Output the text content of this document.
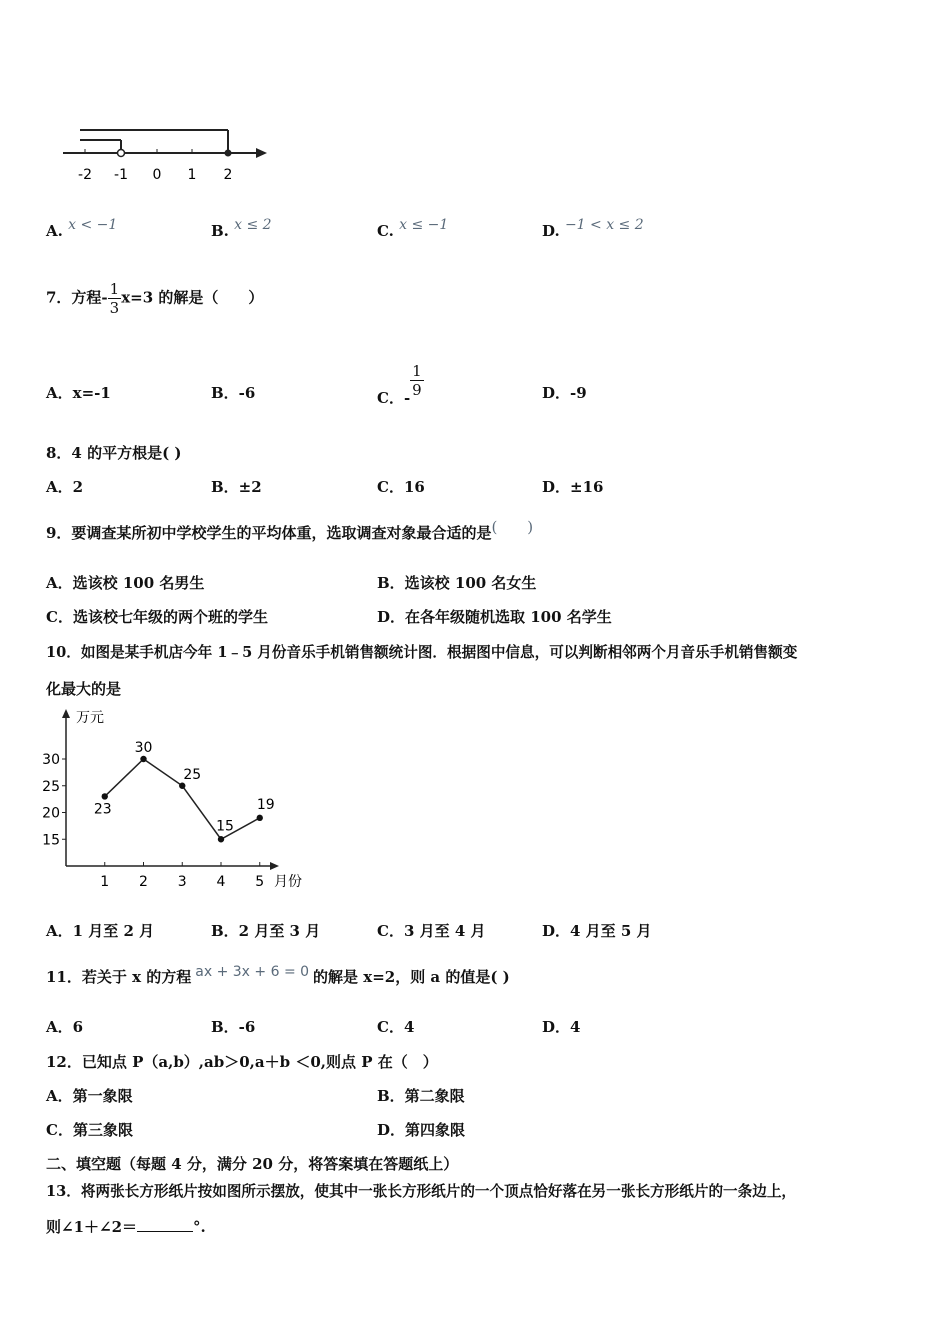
-2 -1 0 1 2
A. x < −1	B. x ≤ 2	C. x ≤ −1	D. −1 < x ≤ 2
7．方程- $\frac{1}{3} x=3$ 的解是（　　）
A．x=-1	B．-6	C．- $\frac{1}{9}$	D．-9
8．4 的平方根是( )
A．2	B．±2	C．16	D．±16
9．要调查某所初中学校学生的平均体重，选取调查对象最合适的是(　　)
A．选该校 100 名男生	B．选该校 100 名女生
C．选该校七年级的两个班的学生	D．在各年级随机选取 100 名学生
10．如图是某手机店今年 1﹣5 月份音乐手机销售额统计图．根据图中信息，可以判断相邻两个月音乐手机销售额变
化最大的是
万元
月份
15
20
25
30
1 2 3 4 5
23
30
25
15
19
A．1 月至 2 月	B．2 月至 3 月	C．3 月至 4 月	D．4 月至 5 月
11．若关于 x 的方程 ax + 3x + 6 = 0 的解是 x=2，则 a 的值是( )
A．6	B．-6	C．4	D．4
12．已知点 P（a,b）,ab＞0,a＋b ＜0,则点 P 在（　）
A．第一象限	B．第二象限
C．第三象限	D．第四象限
二、填空题（每题 4 分，满分 20 分，将答案填在答题纸上）
13．将两张长方形纸片按如图所示摆放，使其中一张长方形纸片的一个顶点恰好落在另一张长方形纸片的一条边上，
则∠1＋∠2＝	°.
